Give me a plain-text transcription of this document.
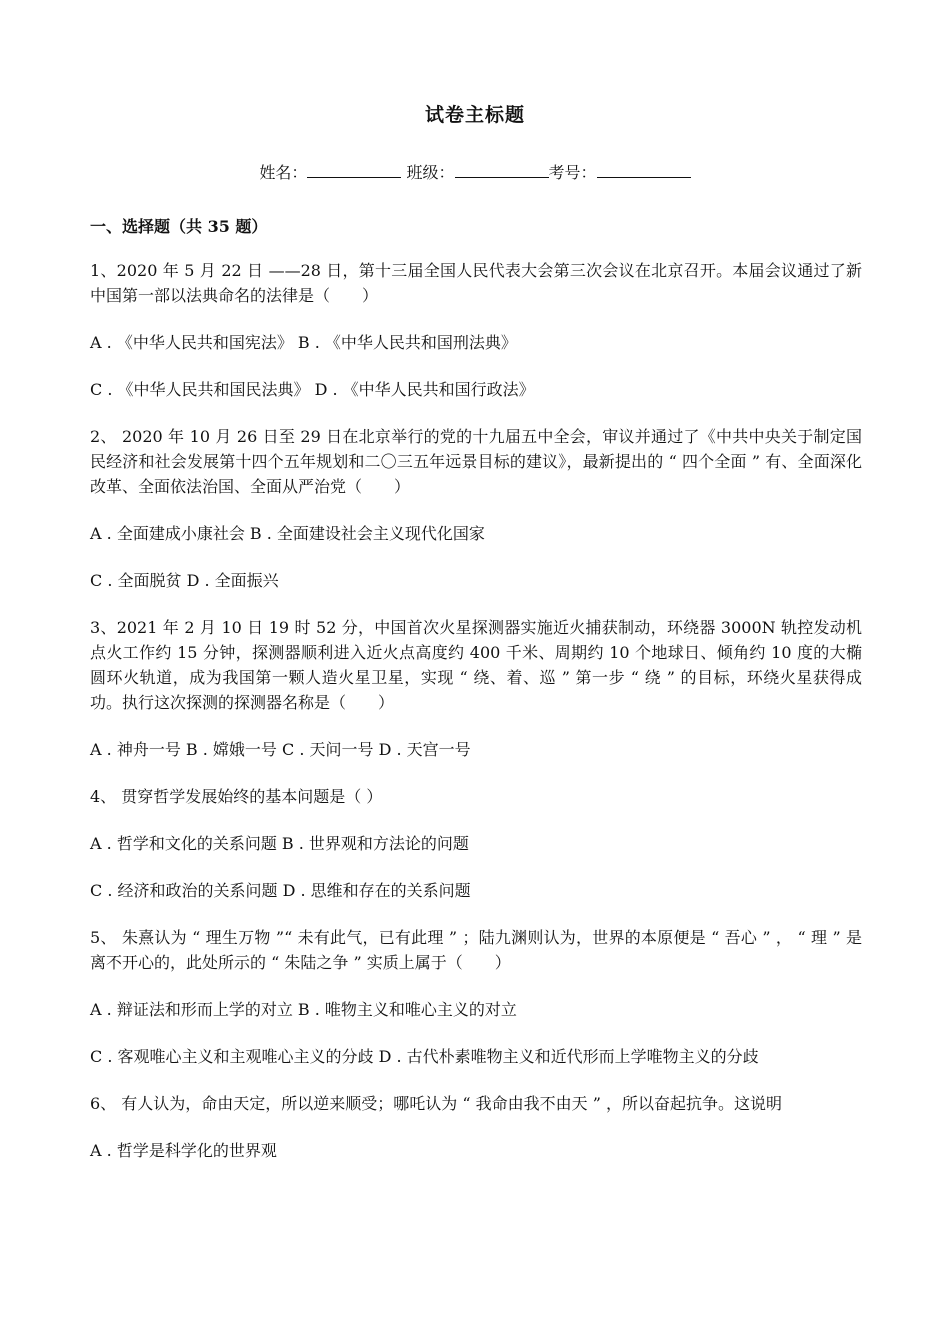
试卷主标题
姓名：	班级：	考号：
一、选择题（共 35 题）

1、2020 年 5 月 22 日 ——28 日，第十三届全国人民代表大会第三次会议在北京召开。本届会议通过了新中国第一部以法典命名的法律是（　　）

A . 《中华人民共和国宪法》 B . 《中华人民共和国刑法典》

C . 《中华人民共和国民法典》 D . 《中华人民共和国行政法》

2、 2020 年 10 月 26 日至 29 日在北京举行的党的十九届五中全会，审议并通过了《中共中央关于制定国民经济和社会发展第十四个五年规划和二〇三五年远景目标的建议》，最新提出的 “ 四个全面 ” 有、全面深化改革、全面依法治国、全面从严治党（　　）

A . 全面建成小康社会 B . 全面建设社会主义现代化国家

C . 全面脱贫 D . 全面振兴

3、2021 年 2 月 10 日 19 时 52 分，中国首次火星探测器实施近火捕获制动，环绕器 3000N 轨控发动机点火工作约 15 分钟，探测器顺利进入近火点高度约 400 千米、周期约 10 个地球日、倾角约 10 度的大椭圆环火轨道，成为我国第一颗人造火星卫星，实现 “ 绕、着、巡 ” 第一步 “ 绕 ” 的目标，环绕火星获得成功。执行这次探测的探测器名称是（　　）

A . 神舟一号 B . 嫦娥一号 C . 天问一号 D . 天宫一号

4、 贯穿哲学发展始终的基本问题是（ ）

A . 哲学和文化的关系问题 B . 世界观和方法论的问题

C . 经济和政治的关系问题 D . 思维和存在的关系问题

5、 朱熹认为 “ 理生万物 ”“ 未有此气，已有此理 ” ；陆九渊则认为，世界的本原便是 “ 吾心 ” ， “ 理 ” 是离不开心的，此处所示的 “ 朱陆之争 ” 实质上属于（　　）

A . 辩证法和形而上学的对立 B . 唯物主义和唯心主义的对立

C . 客观唯心主义和主观唯心主义的分歧 D . 古代朴素唯物主义和近代形而上学唯物主义的分歧

6、 有人认为，命由天定，所以逆来顺受；哪吒认为 “ 我命由我不由天 ” ，所以奋起抗争。这说明

A . 哲学是科学化的世界观
